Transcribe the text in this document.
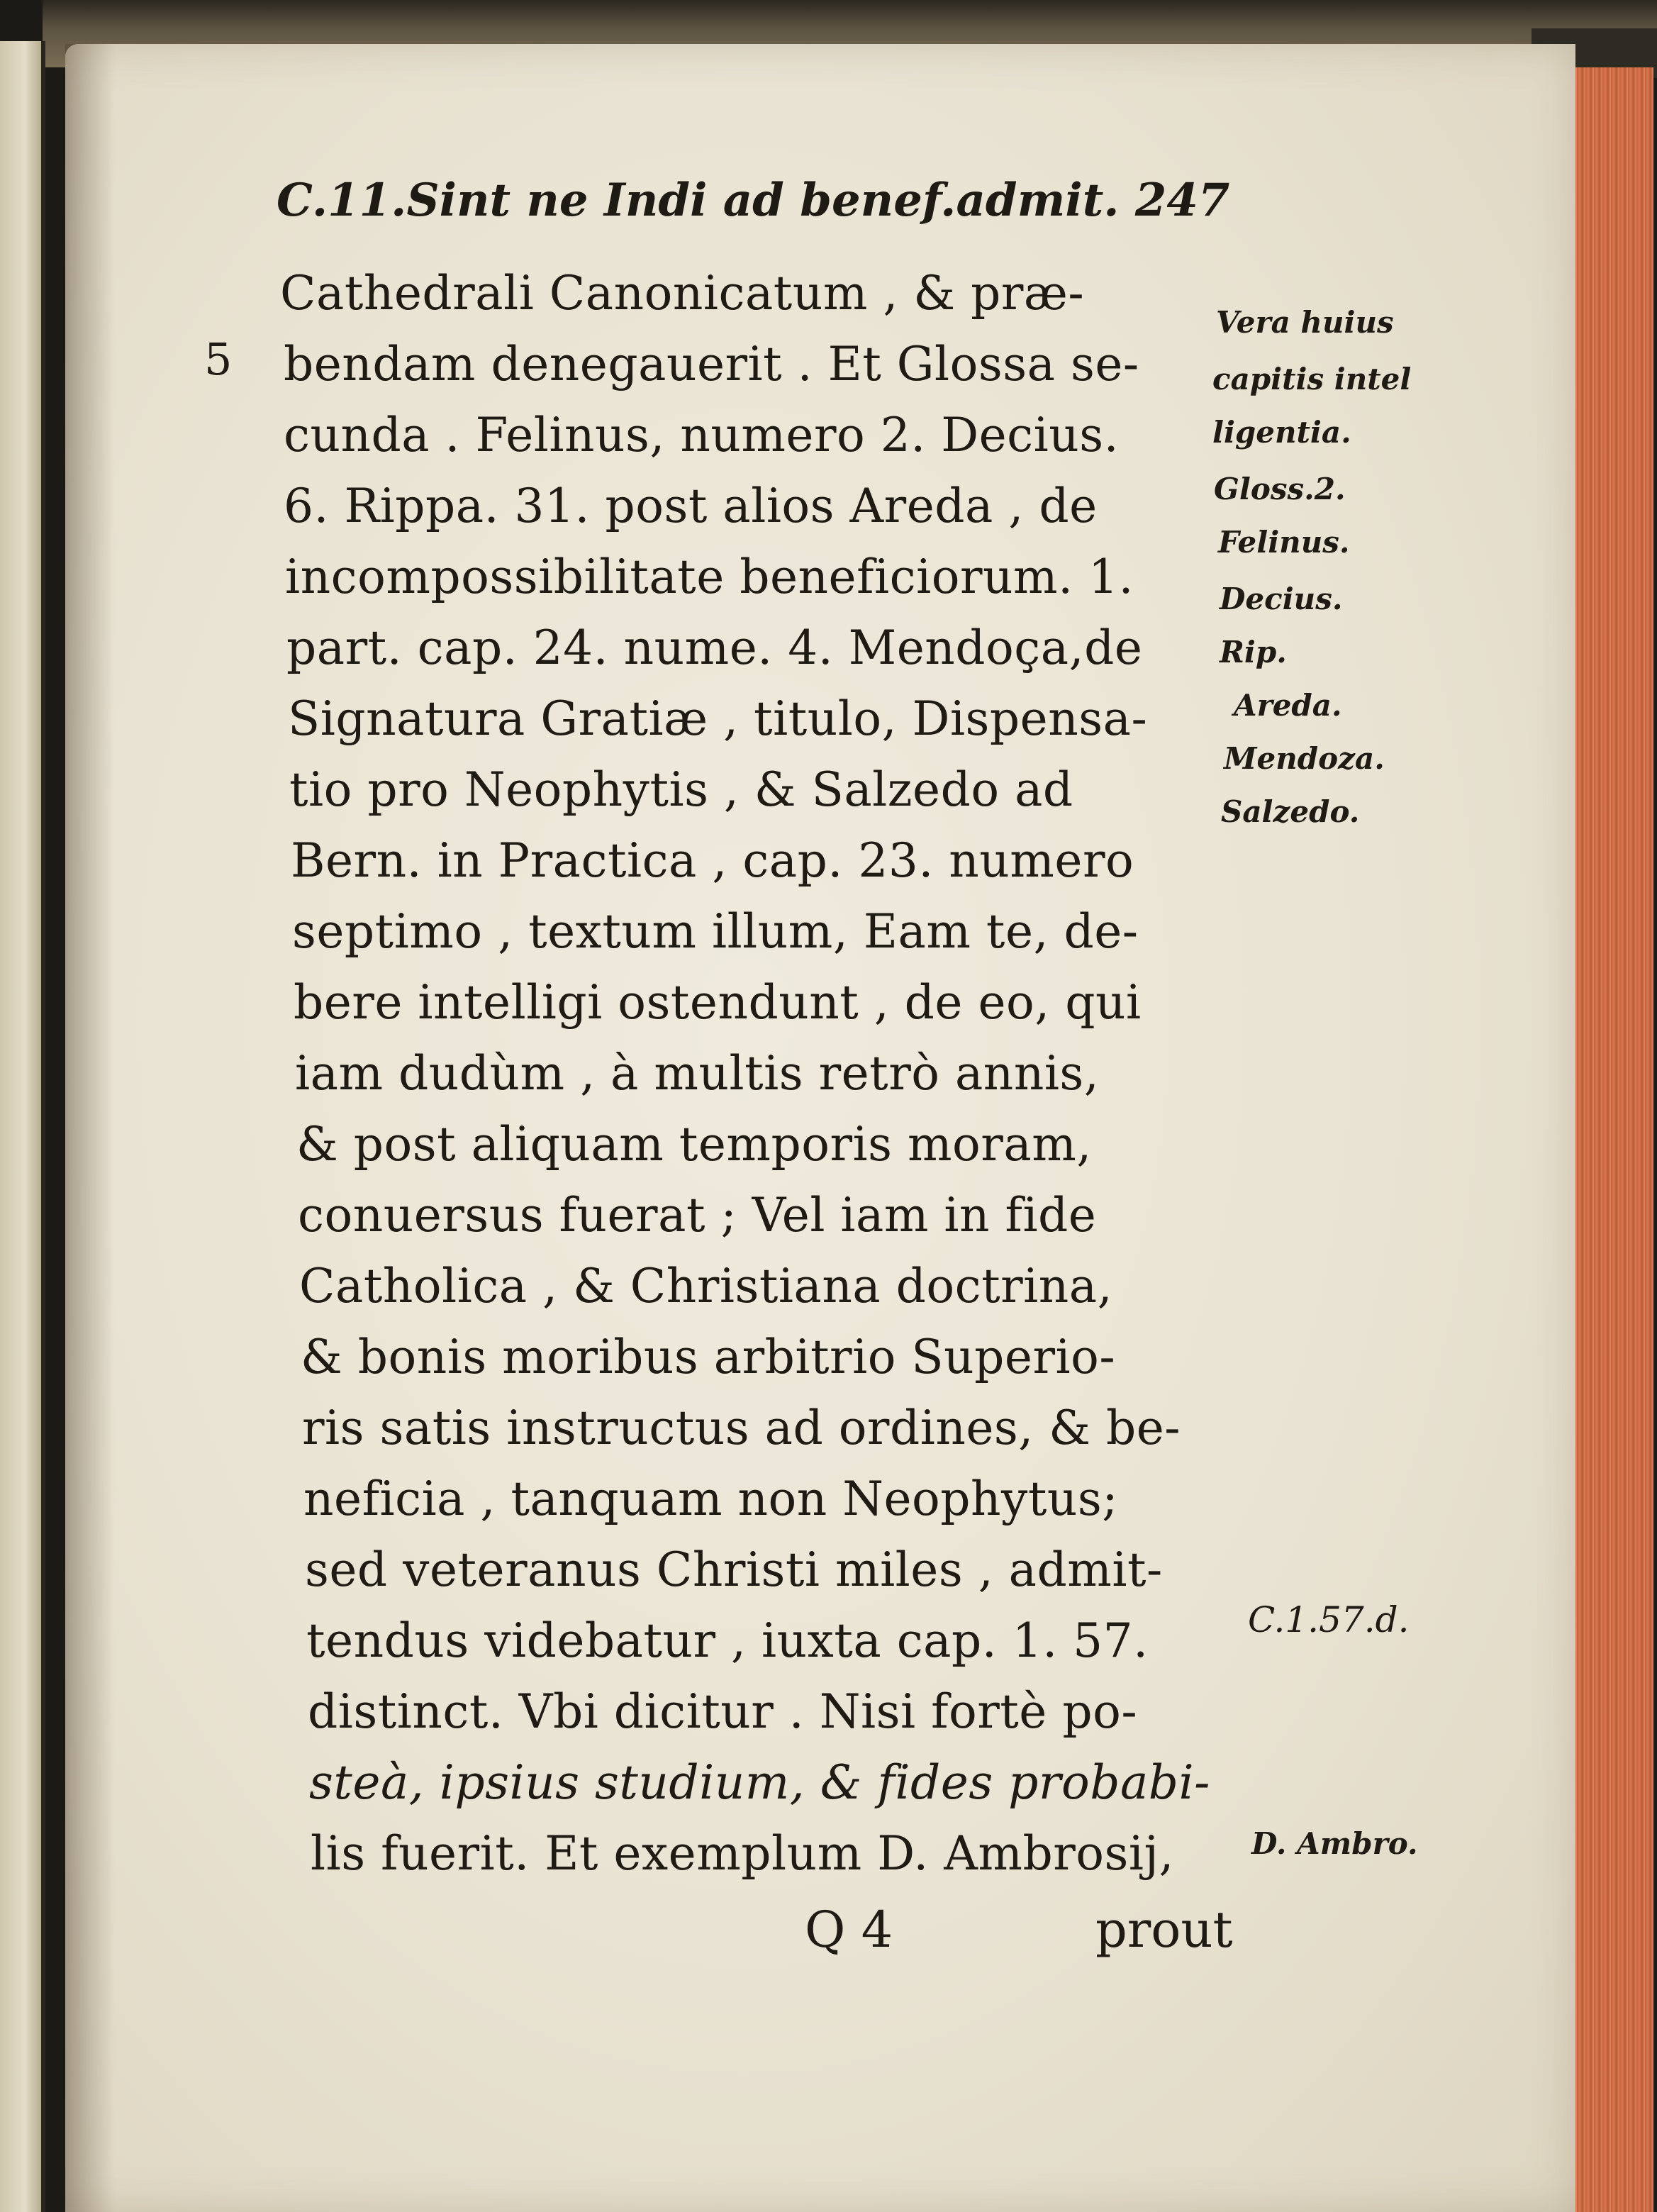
C.11.Sint ne Indi ad benef.admit. 247
5
Cathedrali Canonicatum , & præ-
bendam denegauerit . Et Glossa se-
cunda . Felinus, numero 2. Decius.
6. Rippa. 31. post alios Areda , de
incompossibilitate beneficiorum. 1.
part. cap. 24. nume. 4. Mendoça,de
Signatura Gratiæ , titulo, Dispensa-
tio pro Neophytis , & Salzedo ad
Bern. in Practica , cap. 23. numero
septimo , textum illum, Eam te, de-
bere intelligi ostendunt , de eo, qui
iam dudùm , à multis retrò annis,
& post aliquam temporis moram,
conuersus fuerat ; Vel iam in fide
Catholica , & Christiana doctrina,
& bonis moribus arbitrio Superio-
ris satis instructus ad ordines, & be-
neficia , tanquam non Neophytus;
sed veteranus Christi miles , admit-
tendus videbatur , iuxta cap. 1. 57.
distinct. Vbi dicitur . Nisi fortè po-
steà, ipsius studium, & fides probabi-
lis fuerit. Et exemplum D. Ambrosij,
Q 4	prout
Vera huius
capitis intel
ligentia.
Gloss.2.
Felinus.
Decius.
Rip.
Areda.
Mendoza.
Salzedo.
C.1.57.d.
D. Ambro.
